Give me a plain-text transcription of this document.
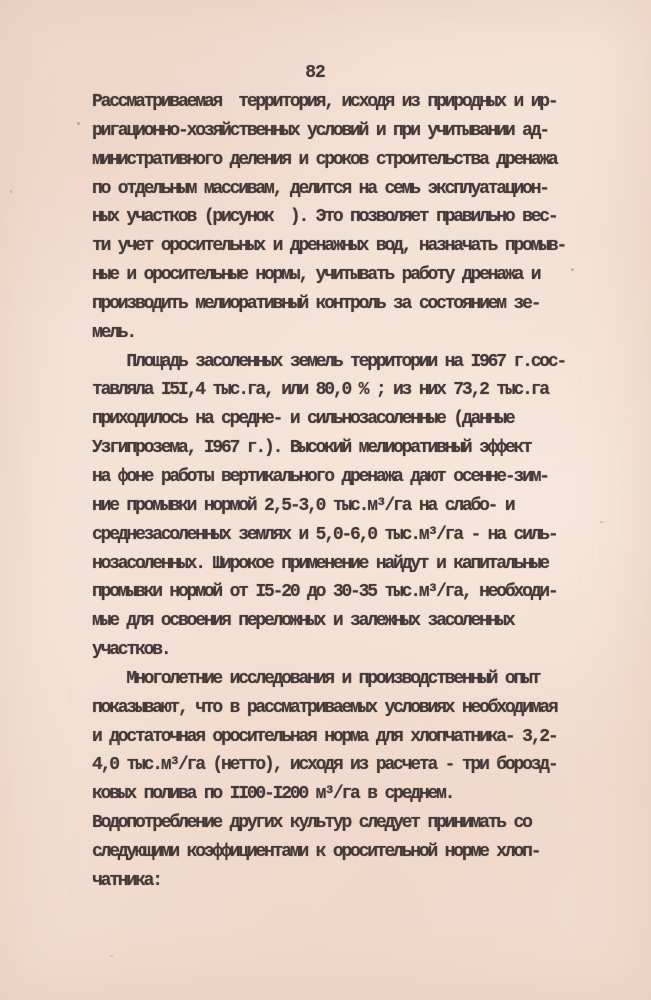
82
Рассматриваемая  территория, исходя из природных и ир-
ригационно-хозяйственных условий и при учитывании ад-
министративного деления и сроков строительства дренажа
по отдельным массивам, делится на семь эксплуатацион-
ных участков (рисунок  ). Это позволяет правильно вес-
ти учет оросительных и дренажных вод, назначать промыв-
ные и оросительные нормы, учитывать работу дренажа и
производить мелиоративный контроль за состоянием зе-
мель.
Площадь засоленных земель территории на I967 г.сос-
тавляла I5I,4 тыс.га, или 80,0 % ; из них 73,2 тыс.га
приходилось на средне- и сильнозасоленные (данные
Узгипрозема, I967 г.). Высокий мелиоративный эффект
на фоне работы вертикального дренажа дают осенне-зим-
ние промывки нормой 2,5-3,0 тыс.м³/га на слабо- и
среднезасоленных землях и 5,0-6,0 тыс.м³/га - на силь-
нозасоленных. Широкое применение найдут и капитальные
промывки нормой от I5-20 до 30-35 тыс.м³/га, необходи-
мые для освоения переложных и залежных засоленных
участков.
Многолетние исследования и производственный опыт
показывают, что в рассматриваемых условиях необходимая
и достаточная оросительная норма для хлопчатника- 3,2-
4,0 тыс.м³/га (нетто), исходя из расчета - три борозд-
ковых полива по II00-I200 м³/га в среднем.
Водопотребление других культур следует принимать со
следующими коэффициентами к оросительной норме хлоп-
чатника:
